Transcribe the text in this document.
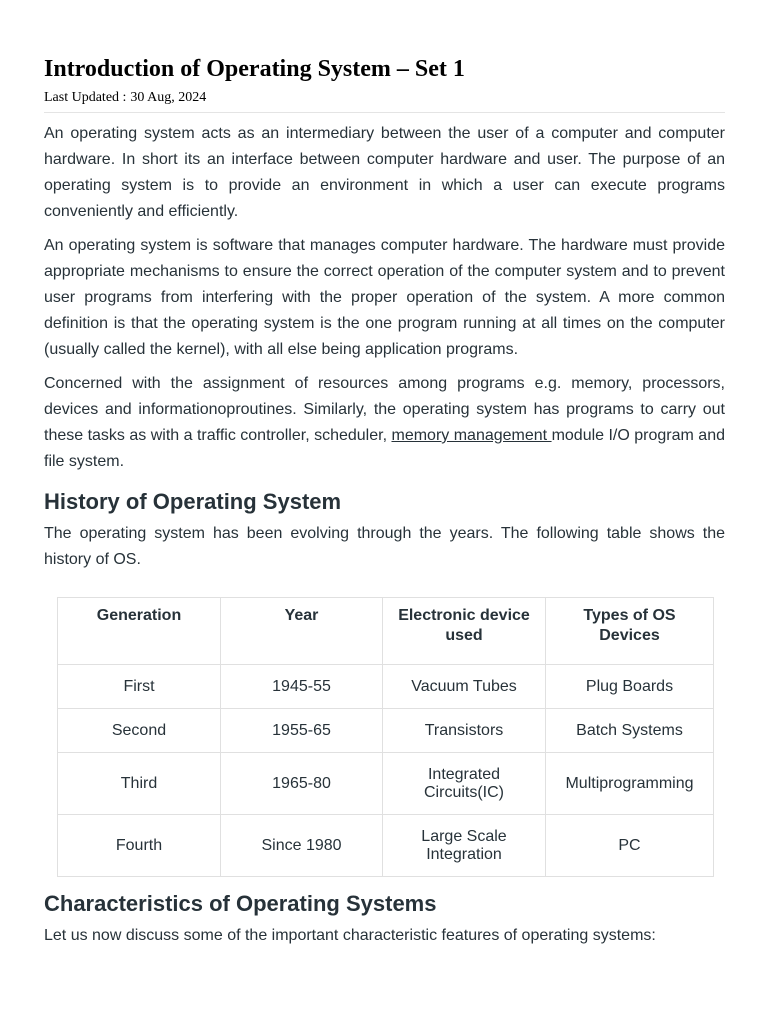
Introduction of Operating System – Set 1
Last Updated : 30 Aug, 2024

An operating system acts as an intermediary between the user of a computer and computer hardware. In short its an interface between computer hardware and user. The purpose of an operating system is to provide an environment in which a user can execute programs conveniently and efficiently.

An operating system is software that manages computer hardware. The hardware must provide appropriate mechanisms to ensure the correct operation of the computer system and to prevent user programs from interfering with the proper operation of the system. A more common definition is that the operating system is the one program running at all times on the computer (usually called the kernel), with all else being application programs.

Concerned with the assignment of resources among programs e.g. memory, processors, devices and informationoproutines. Similarly, the operating system has programs to carry out these tasks as with a traffic controller, scheduler, memory management module I/O program and file system.

History of Operating System

The operating system has been evolving through the years. The following table shows the history of OS.

Generation	Year	Electronic device used	Types of OS Devices
First	1945-55	Vacuum Tubes	Plug Boards
Second	1955-65	Transistors	Batch Systems
Third	1965-80	Integrated Circuits(IC)	Multiprogramming
Fourth	Since 1980	Large Scale Integration	PC
Characteristics of Operating Systems

Let us now discuss some of the important characteristic features of operating systems:
